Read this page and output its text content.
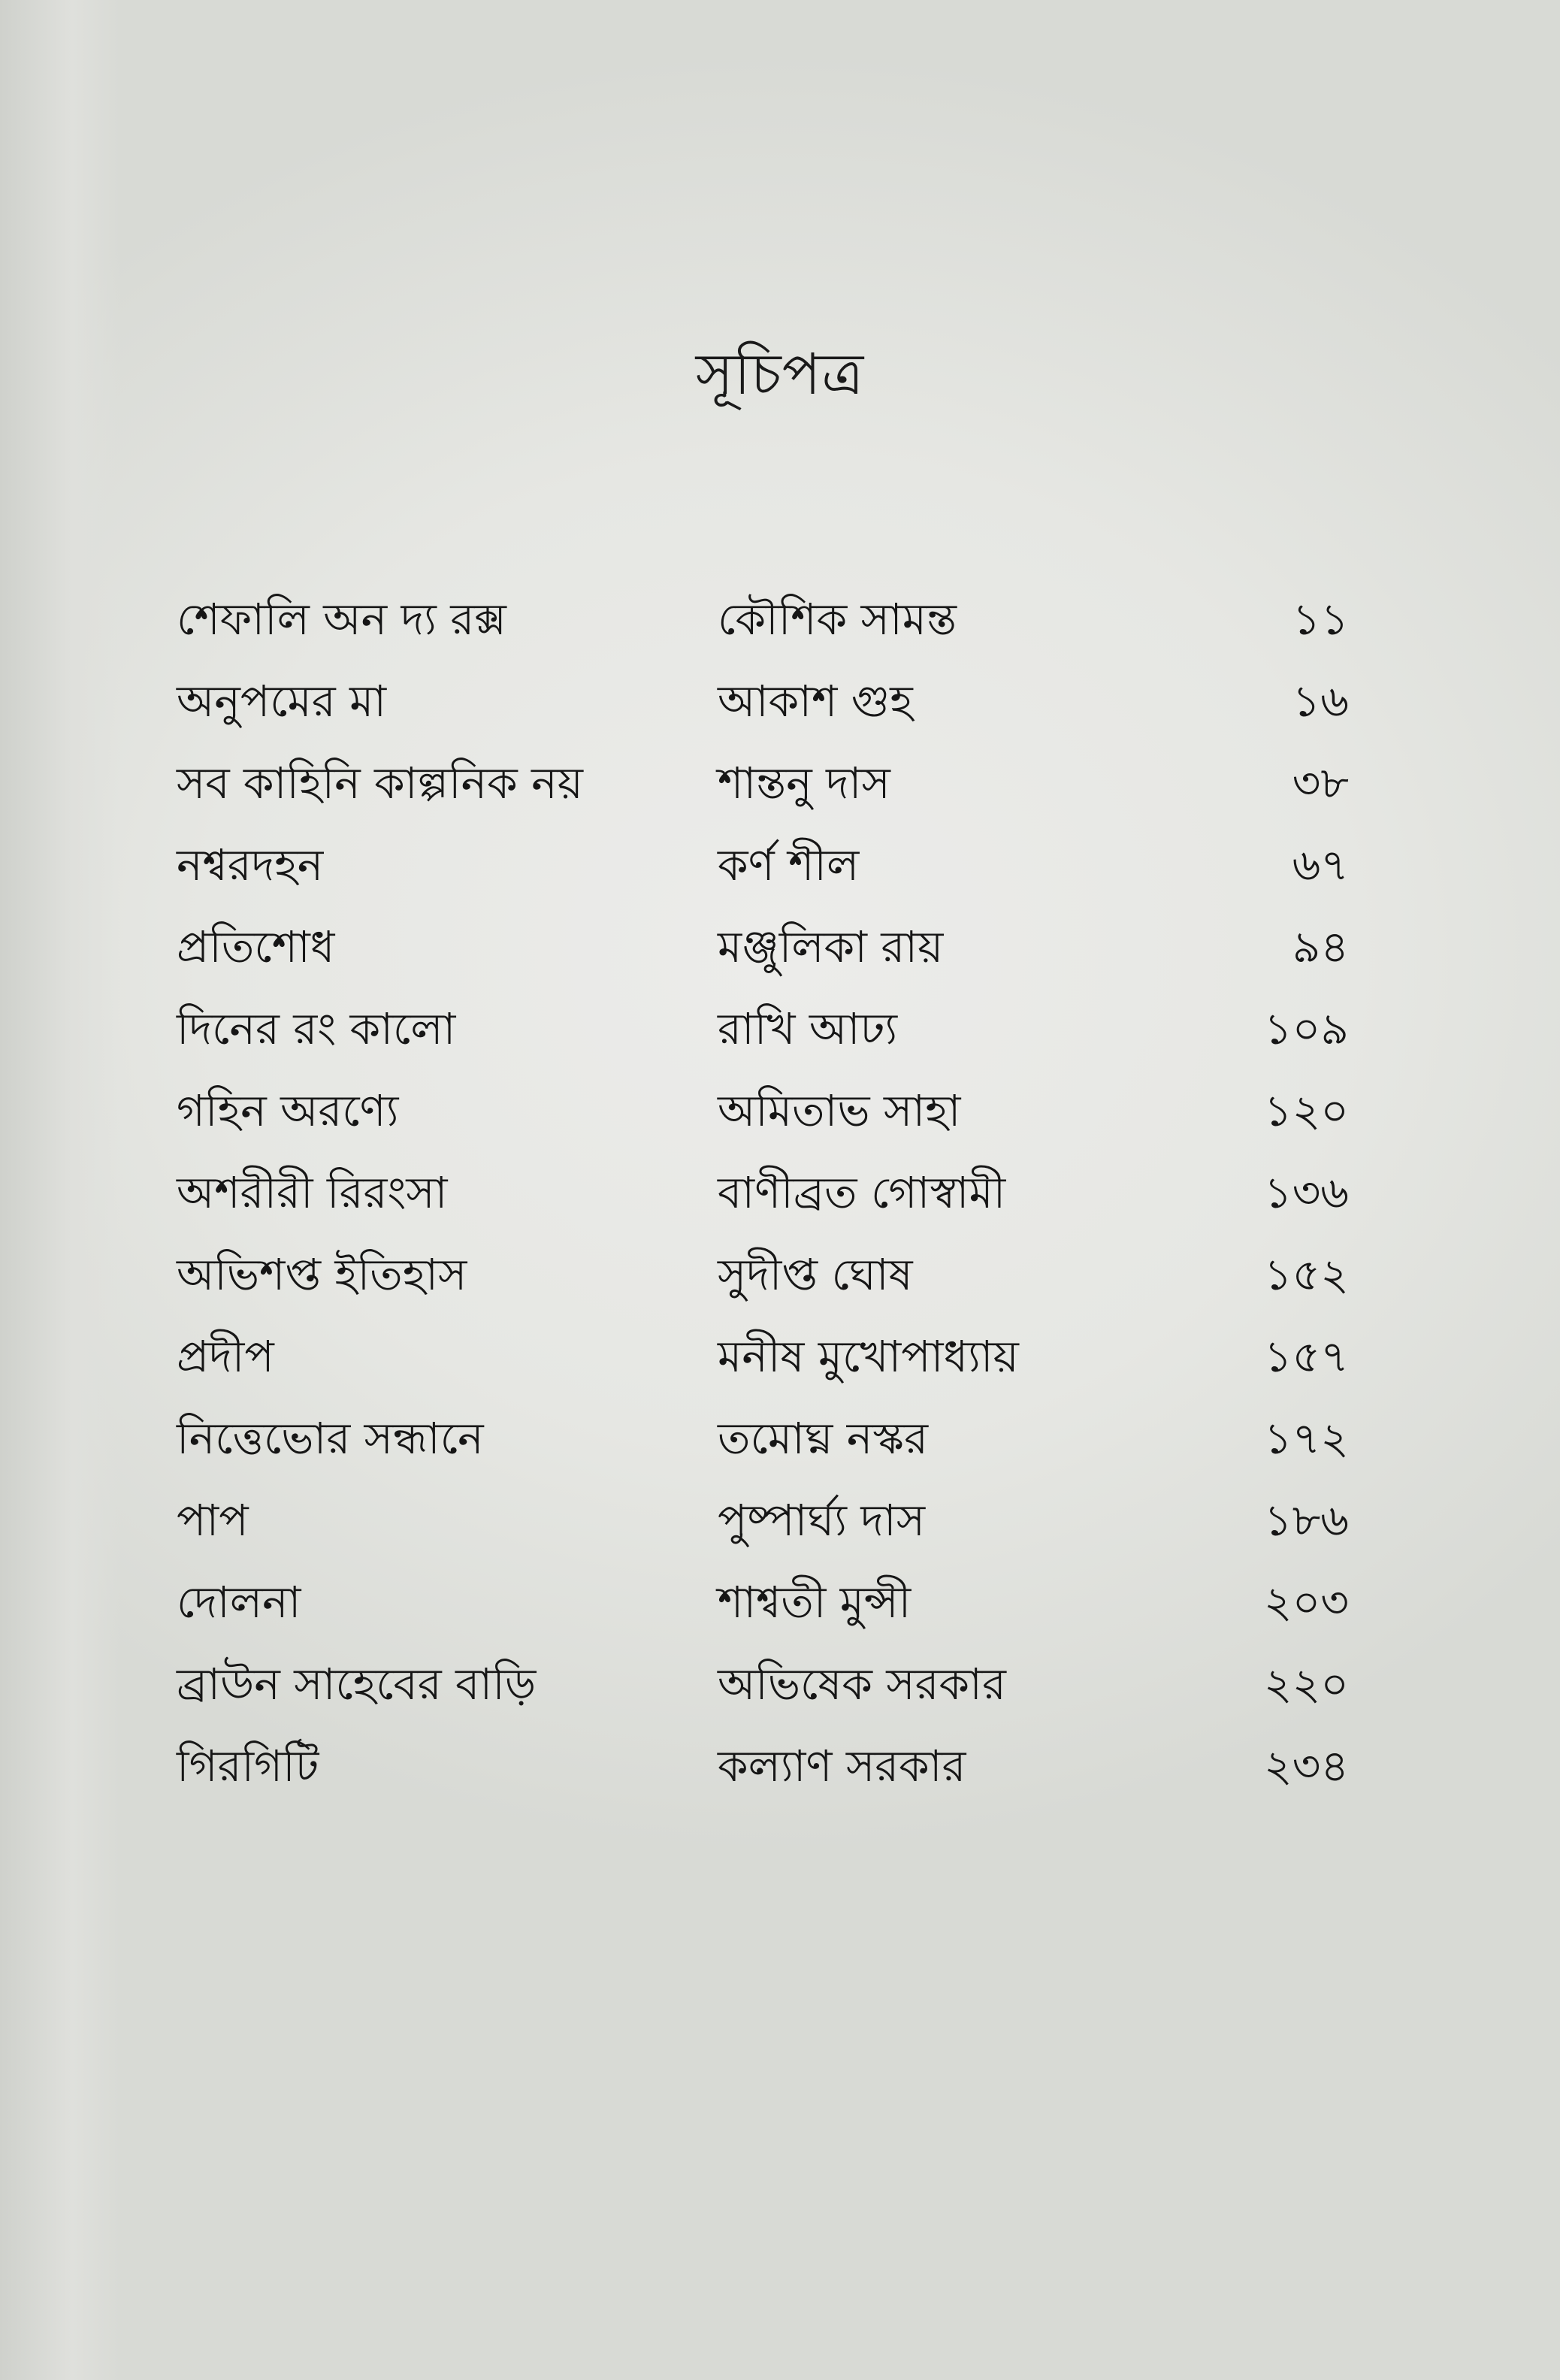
সূচিপত্র
শেফালি অন দ্য রক্স	কৌশিক সামন্ত	১১
অনুপমের মা	আকাশ গুহ	১৬
সব কাহিনি কাল্পনিক নয়	শান্তনু দাস	৩৮
নশ্বরদহন	কর্ণ শীল	৬৭
প্রতিশোধ	মঞ্জুলিকা রায়	৯৪
দিনের রং কালো	রাখি আঢ্য	১০৯
গহিন অরণ্যে	অমিতাভ সাহা	১২০
অশরীরী রিরংসা	বাণীব্রত গোস্বামী	১৩৬
অভিশপ্ত ইতিহাস	সুদীপ্ত ঘোষ	১৫২
প্রদীপ	মনীষ মুখোপাধ্যায়	১৫৭
নিত্তেভোর সন্ধানে	তমোঘ্ন নস্কর	১৭২
পাপ	পুষ্পার্ঘ্য দাস	১৮৬
দোলনা	শাশ্বতী মুন্সী	২০৩
ব্রাউন সাহেবের বাড়ি	অভিষেক সরকার	২২০
গিরগিটি	কল্যাণ সরকার	২৩৪
